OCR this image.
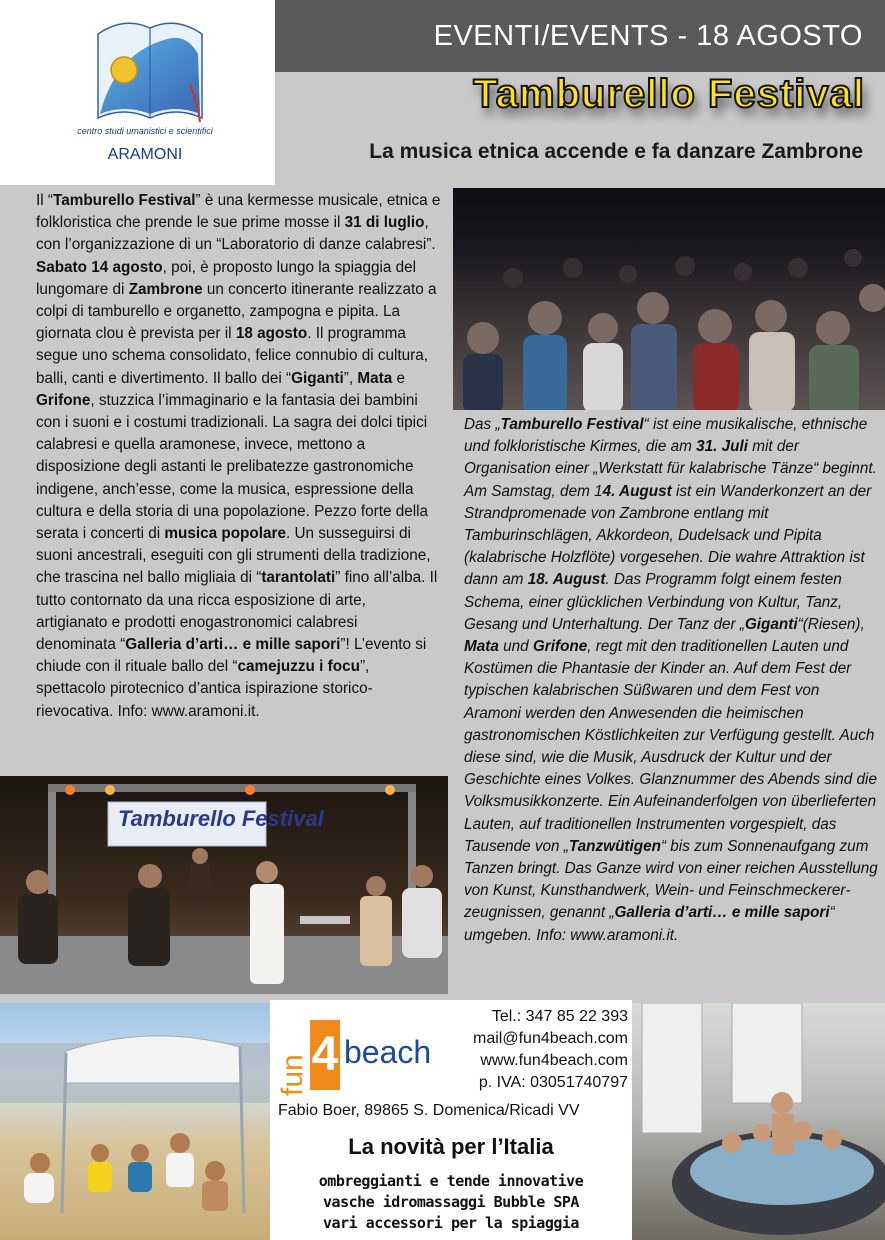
centro studi umanistici e scientifici
ARAMONI
EVENTI/EVENTS - 18 AGOSTO
Tamburello Festival
La musica etnica accende e fa danzare Zambrone
Il “Tamburello Festival” è una kermesse musicale, etnica e folkloristica che prende le sue prime mosse il 31 di luglio, con l’organizzazione di un “Laboratorio di danze calabresi”. Sabato 14 agosto, poi, è proposto lungo la spiaggia del lungomare di Zambrone un concerto itinerante realizzato a colpi di tamburello e organetto, zampogna e pipita. La giornata clou è prevista per il 18 agosto. Il programma segue uno schema consolidato, felice connubio di cultura, balli, canti e divertimento. Il ballo dei “Giganti”, Mata e Grifone, stuzzica l’immaginario e la fantasia dei bambini con i suoni e i costumi tradizionali. La sagra dei dolci tipici calabresi e quella aramonese, invece, mettono a disposizione degli astanti le prelibatezze gastronomiche indigene, anch’esse, come la musica, espressione della cultura e della storia di una popolazione. Pezzo forte della serata i concerti di musica popolare. Un susseguirsi di suoni ancestrali, eseguiti con gli strumenti della tradizione, che trascina nel ballo migliaia di “tarantolati” fino all’alba. Il tutto contornato da una ricca esposizione di arte, artigianato e prodotti enogastronomici calabresi denominata “Galleria d’arti… e mille sapori”! L’evento si chiude con il rituale ballo del “camejuzzu i focu”, spettacolo pirotecnico d’antica ispirazione storico-rievocativa. Info: www.aramoni.it.
Das „Tamburello Festival“ ist eine musikalische, ethnische und folkloristische Kirmes, die am 31. Juli mit der Organisation einer „Werkstatt für kalabrische Tänze“ beginnt. Am Samstag, dem 14. August ist ein Wanderkonzert an der Strandpromenade von Zambrone entlang mit Tamburinschlägen, Akkordeon, Dudelsack und Pipita (kalabrische Holzflöte) vorgesehen. Die wahre Attraktion ist dann am 18. August. Das Programm folgt einem festen Schema, einer glücklichen Verbindung von Kultur, Tanz, Gesang und Unterhaltung. Der Tanz der „Giganti“(Riesen), Mata und Grifone, regt mit den traditionellen Lauten und Kostümen die Phantasie der Kinder an. Auf dem Fest der typischen kalabrischen Süßwaren und dem Fest von Aramoni werden den Anwesenden die heimischen gastronomischen Köstlichkeiten zur Verfügung gestellt. Auch diese sind, wie die Musik, Ausdruck der Kultur und der Geschichte eines Volkes. Glanznummer des Abends sind die Volksmusikkonzerte. Ein Aufeinanderfolgen von überlieferten Lauten, auf traditionellen Instrumenten vorgespielt, das Tausende von „Tanzwütigen“ bis zum Sonnenaufgang zum Tanzen bringt. Das Ganze wird von einer reichen Ausstellung von Kunst, Kunsthandwerk, Wein- und Feinschmeckererzeugnissen, genannt „Galleria d’arti… e mille sapori“ umgeben. Info: www.aramoni.it.
Tamburello Festival
fun 4 beach
Tel.: 347 85 22 393
mail@fun4beach.com
www.fun4beach.com
p. IVA: 03051740797
Fabio Boer, 89865 S. Domenica/Ricadi VV
La novità per l’Italia
ombreggianti e tende innovative
vasche idromassaggi Bubble SPA
vari accessori per la spiaggia
